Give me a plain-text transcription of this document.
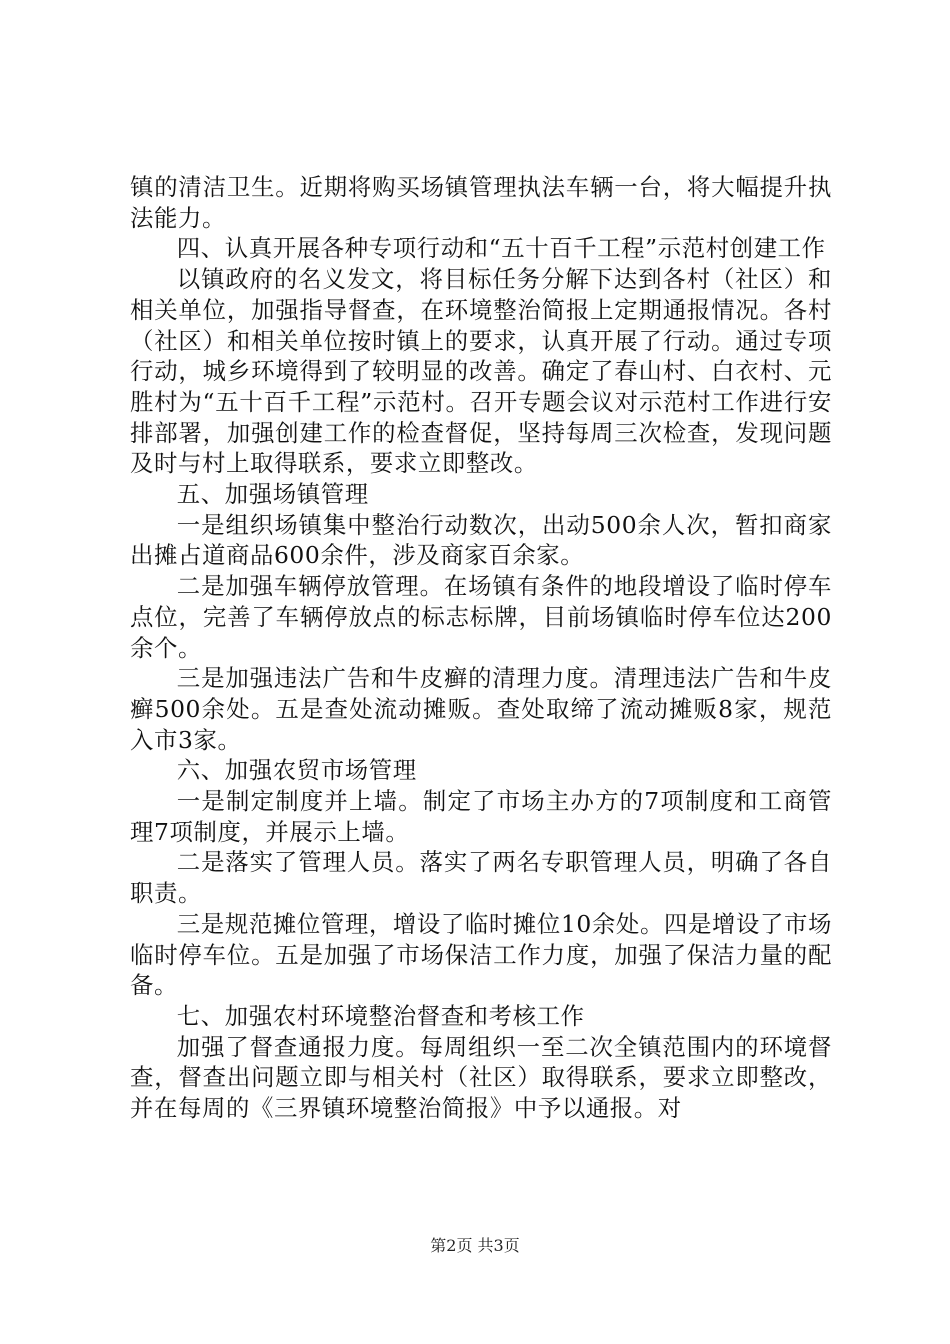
镇的清洁卫生。近期将购买场镇管理执法车辆一台，将大幅提升执法能力。

四、认真开展各种专项行动和“五十百千工程”示范村创建工作

以镇政府的名义发文，将目标任务分解下达到各村（社区）和相关单位，加强指导督查，在环境整治简报上定期通报情况。各村（社区）和相关单位按时镇上的要求，认真开展了行动。通过专项行动，城乡环境得到了较明显的改善。确定了春山村、白衣村、元胜村为“五十百千工程”示范村。召开专题会议对示范村工作进行安排部署，加强创建工作的检查督促，坚持每周三次检查，发现问题及时与村上取得联系，要求立即整改。

五、加强场镇管理

一是组织场镇集中整治行动数次，出动500余人次，暂扣商家出摊占道商品600余件，涉及商家百余家。

二是加强车辆停放管理。在场镇有条件的地段增设了临时停车点位，完善了车辆停放点的标志标牌，目前场镇临时停车位达200余个。

三是加强违法广告和牛皮癣的清理力度。清理违法广告和牛皮癣500余处。五是查处流动摊贩。查处取缔了流动摊贩8家，规范入市3家。

六、加强农贸市场管理

一是制定制度并上墙。制定了市场主办方的7项制度和工商管理7项制度，并展示上墙。

二是落实了管理人员。落实了两名专职管理人员，明确了各自职责。

三是规范摊位管理，增设了临时摊位10余处。四是增设了市场临时停车位。五是加强了市场保洁工作力度，加强了保洁力量的配备。

七、加强农村环境整治督查和考核工作

加强了督查通报力度。每周组织一至二次全镇范围内的环境督查，督查出问题立即与相关村（社区）取得联系，要求立即整改，并在每周的《三界镇环境整治简报》中予以通报。对

第2页 共3页
